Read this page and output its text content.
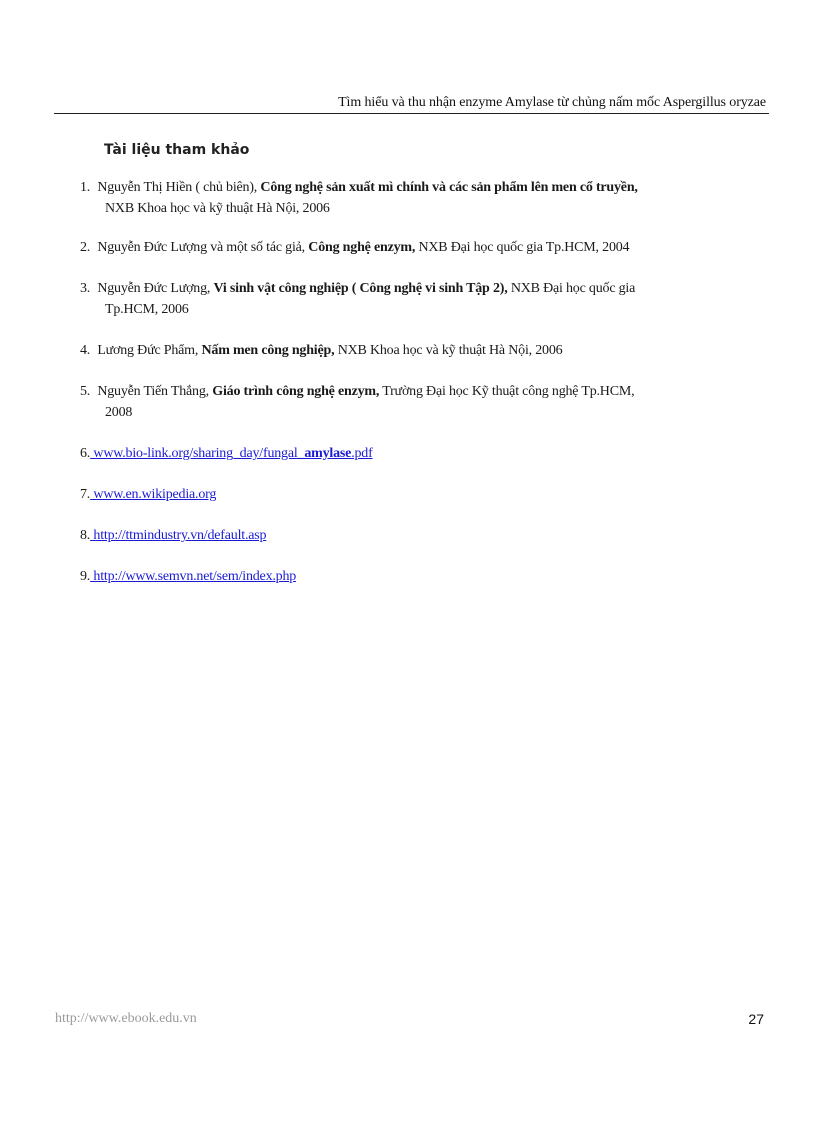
Tìm hiểu và thu nhận enzyme Amylase từ chủng nấm mốc Aspergillus oryzae
Tài liệu tham khảo
1. Nguyễn Thị Hiền ( chủ biên), Công nghệ sản xuất mì chính và các sản phẩm lên men cổ truyền,
NXB Khoa học và kỹ thuật Hà Nội, 2006
2. Nguyễn Đức Lượng và một số tác giả, Công nghệ enzym, NXB Đại học quốc gia Tp.HCM, 2004
3. Nguyễn Đức Lượng, Vi sinh vật công nghiệp ( Công nghệ vi sinh Tập 2), NXB Đại học quốc gia
Tp.HCM, 2006
4. Lương Đức Phẩm, Nấm men công nghiệp, NXB Khoa học và kỹ thuật Hà Nội, 2006
5. Nguyễn Tiến Thắng, Giáo trình công nghệ enzym, Trường Đại học Kỹ thuật công nghệ Tp.HCM,
2008
6. www.bio-link.org/sharing_day/fungal_amylase.pdf
7. www.en.wikipedia.org
8. http://ttmindustry.vn/default.asp
9. http://www.semvn.net/sem/index.php
http://www.ebook.edu.vn	27
